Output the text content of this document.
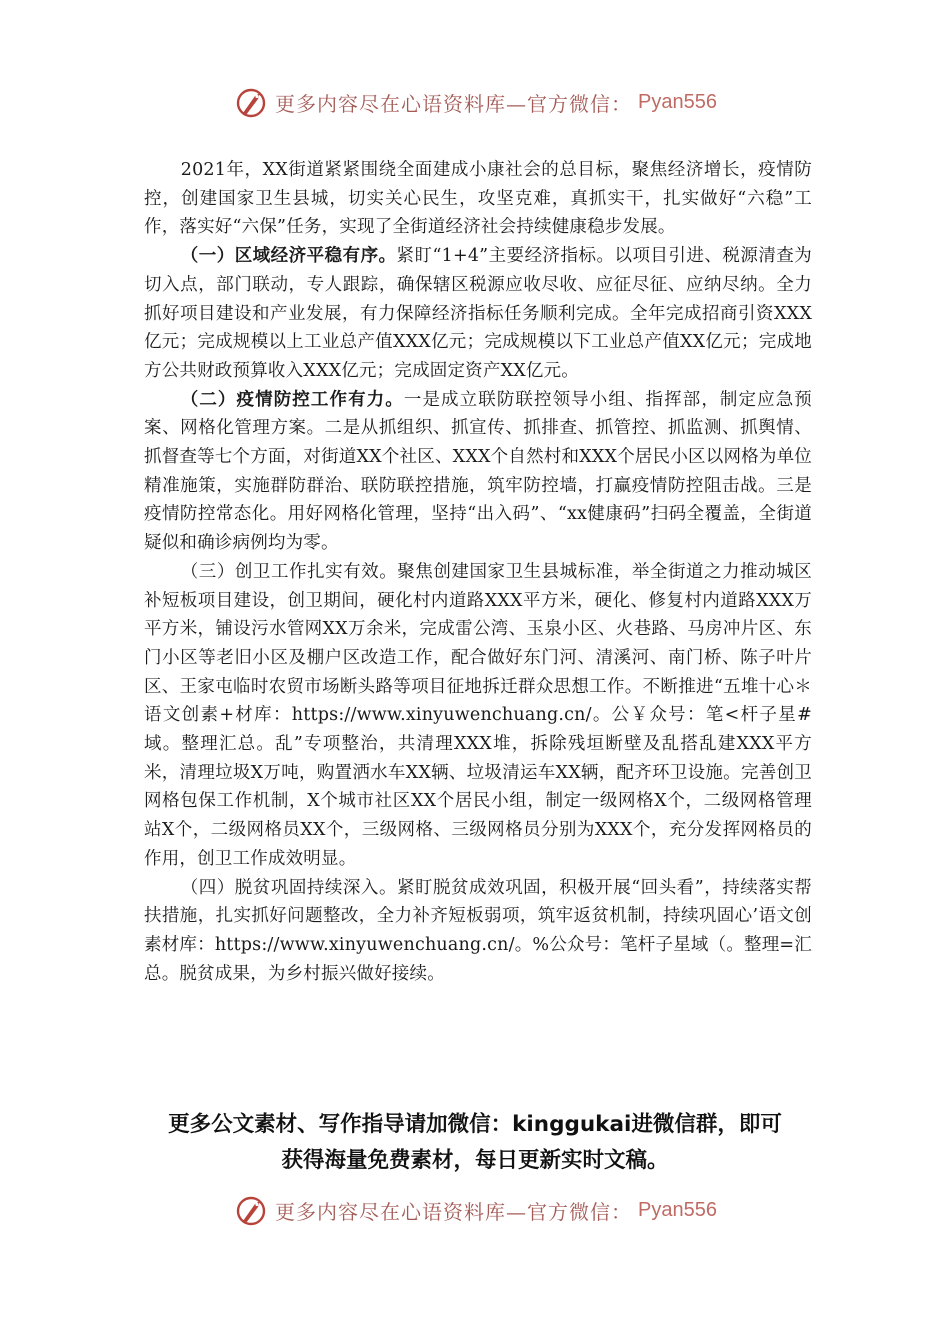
更多内容尽在心语资料库—官方微信： Pyan556

2021年，XX街道紧紧围绕全面建成小康社会的总目标，聚焦经济增长，疫情防控，创建国家卫生县城，切实关心民生，攻坚克难，真抓实干，扎实做好“六稳”工作，落实好“六保”任务，实现了全街道经济社会持续健康稳步发展。

（一）区域经济平稳有序。紧盯“1+4”主要经济指标。以项目引进、税源清查为切入点，部门联动，专人跟踪，确保辖区税源应收尽收、应征尽征、应纳尽纳。全力抓好项目建设和产业发展，有力保障经济指标任务顺利完成。全年完成招商引资XXX亿元；完成规模以上工业总产值XXX亿元；完成规模以下工业总产值XX亿元；完成地方公共财政预算收入XXX亿元；完成固定资产XX亿元。

（二）疫情防控工作有力。一是成立联防联控领导小组、指挥部，制定应急预案、网格化管理方案。二是从抓组织、抓宣传、抓排查、抓管控、抓监测、抓舆情、抓督查等七个方面，对街道XX个社区、XXX个自然村和XXX个居民小区以网格为单位精准施策，实施群防群治、联防联控措施，筑牢防控墙，打赢疫情防控阻击战。三是疫情防控常态化。用好网格化管理，坚持“出入码”、“xx健康码”扫码全覆盖，全街道疑似和确诊病例均为零。

（三）创卫工作扎实有效。聚焦创建国家卫生县城标准，举全街道之力推动城区补短板项目建设，创卫期间，硬化村内道路XXX平方米，硬化、修复村内道路XXX万平方米，铺设污水管网XX万余米，完成雷公湾、玉泉小区、火巷路、马房冲片区、东门小区等老旧小区及棚户区改造工作，配合做好东门河、清溪河、南门桥、陈子叶片区、王家屯临时农贸市场断头路等项目征地拆迁群众思想工作。不断推进“五堆十心＊语文创素+材库：https://www.xinyuwenchuang.cn/。公￥众号：笔<杆子星#域。整理汇总。乱”专项整治，共清理XXX堆，拆除残垣断壁及乱搭乱建XXX平方米，清理垃圾X万吨，购置洒水车XX辆、垃圾清运车XX辆，配齐环卫设施。完善创卫网格包保工作机制，X个城市社区XX个居民小组，制定一级网格X个，二级网格管理站X个，二级网格员XX个，三级网格、三级网格员分别为XXX个，充分发挥网格员的作用，创卫工作成效明显。

（四）脱贫巩固持续深入。紧盯脱贫成效巩固，积极开展“回头看”，持续落实帮扶措施，扎实抓好问题整改，全力补齐短板弱项，筑牢返贫机制，持续巩固心’语文创素材库：https://www.xinyuwenchuang.cn/。%公众号：笔杆子星域（。整理=汇总。脱贫成果，为乡村振兴做好接续。

更多公文素材、写作指导请加微信：kinggukai进微信群，即可
获得海量免费素材，每日更新实时文稿。
更多内容尽在心语资料库—官方微信： Pyan556
